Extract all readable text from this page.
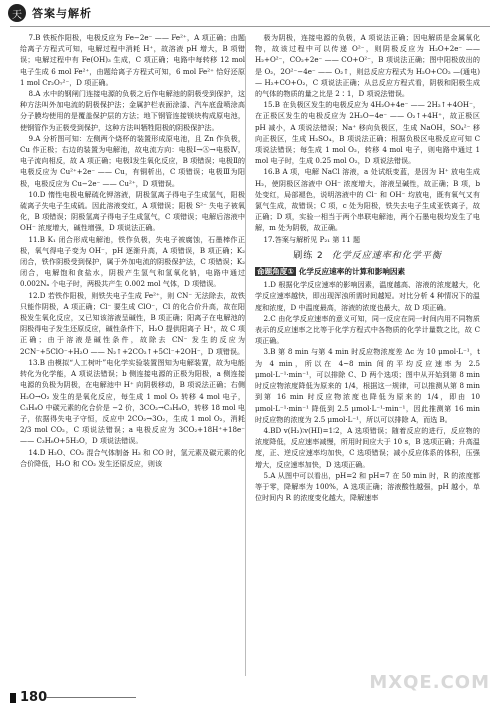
天 答案与解析

7.B 铁板作阳极，电极反应为 Fe−2e⁻ —— Fe²⁺，A 项正确；由题给离子方程式可知，电解过程中消耗 H⁺，故溶液 pH 增大，B 项错误；电解过程中有 Fe(OH)₃ 生成，C 项正确；电路中每转移 12 mol 电子生成 6 mol Fe²⁺，由题给离子方程式可知，6 mol Fe²⁺ 恰好还原 1 mol Cr₂O₇²⁻，D 项正确。

8.A 水中的钢闸门连接电源的负极之后作电解池的阴极受到保护，这种方法叫外加电流的阴极保护法；金属护栏表面涂漆、汽车底盘喷涂高分子膜均使用的是覆盖保护层的方法；地下钢管连接镁块构成原电池，使钢管作为正极受到保护，这种方法叫牺牲阳极的阴极保护法。

9.A 分析图可知：左侧两个烧杯的装置形成原电池，且 Zn 作负极，Cu 作正极；右边的装置为电解池，故电流方向：电极Ⅰ→Ⓐ→电极Ⅳ，电子流向相反，故 A 项正确；电极Ⅰ发生氧化反应，B 项错误；电极Ⅱ的电极反应为 Cu²⁺+2e⁻ —— Cu，有铜析出，C 项错误；电极Ⅲ为阳极，电极反应为 Cu−2e⁻ —— Cu²⁺，D 项错误。

10.D 惰性电极电解硫化钾溶液，阴极氢离子得电子生成氢气，阳极硫离子失电子生成硫。因此溶液变红，A 项错误；阳极 S²⁻ 失电子被氧化，B 项错误；阴极氢离子得电子生成氢气，C 项错误；电解后溶液中 OH⁻ 浓度增大，碱性增强，D 项说法正确。

11.B K₁ 闭合形成电解池，铁作负极，失电子被腐蚀，石墨棒作正极，氧气得电子变为 OH⁻，pH 逐渐升高，A 项错误，B 项正确；K₂ 闭合，铁作阴极受到保护，属于外加电流的阴极保护法，C 项错误；K₂ 闭合，电解饱和食盐水，阴极产生氢气和氢氧化钠，电路中通过 0.002Nₐ 个电子时，两极共产生 0.002 mol 气体，D 项错误。

12.D 若铁作阳极，则铁失电子生成 Fe²⁺，则 CN⁻ 无法除去，故铁只能作阴极，A 项正确；Cl⁻ 要生成 ClO⁻，Cl 的化合价升高，故在阳极发生氧化反应，又已知该溶液呈碱性，B 项正确；阳离子在电解池的阴极得电子发生还原反应，碱性条件下，H₂O 提供阳离子 H⁺，故 C 项正确；由于溶液是碱性条件，故除去 CN⁻ 发生的反应为 2CN⁻+5ClO⁻+H₂O —— N₂↑+2CO₂↑+5Cl⁻+2OH⁻，D 项错误。

13.B 由模拟“人工树叶”电化学实验装置图知为电解装置，故为电能转化为化学能，A 项说法错误；b 侧连接电源的正极为阳极，a 侧连接电源的负极为阴极，在电解池中 H⁺ 向阴极移动，B 项说法正确；右侧 H₂O→O₂ 发生的是氧化反应，每生成 1 mol O₂ 转移 4 mol 电子，C₃H₈O 中碳元素的化合价是 −2 价，3CO₂→C₃H₈O，转移 18 mol 电子，依据得失电子守恒，反应中 2CO₂→3O₂，生成 1 mol O₂，消耗 2/3 mol CO₂，C 项说法错误；a 电极反应为 3CO₂+18H⁺+18e⁻ —— C₃H₈O+5H₂O，D 项说法错误。

14.D H₂O、CO₂ 混合气体制备 H₂ 和 CO 时，氢元素及碳元素的化合价降低，H₂O 和 CO₂ 发生还原反应，则该

极为阴极，连接电源的负极，A 项说法正确；因电解质是金属氧化物，故该过程中可以传递 O²⁻，则阴极反应为 H₂O+2e⁻ —— H₂+O²⁻，CO₂+2e⁻ —— CO+O²⁻，B 项说法正确；图中阳极放出的是 O₂，2O²⁻−4e⁻ —— O₂↑，则总反应方程式为 H₂O+CO₂ —(通电)— H₂+CO+O₂，C 项说法正确；从总反应方程式看，阴极和阳极生成的气体的物质的量之比是 2∶1，D 项说法错误。

15.B 在负极区发生的电极反应为 4H₂O+4e⁻ —— 2H₂↑+4OH⁻，在正极区发生的电极反应为 2H₂O−4e⁻ —— O₂↑+4H⁺，故正极区 pH 减小，A 项说法错误；Na⁺ 移向负极区，生成 NaOH，SO₄²⁻ 移向正极区，生成 H₂SO₄，B 项说法正确；根据负极区电极反应可知 C 项说法错误；每生成 1 mol O₂，转移 4 mol 电子，则电路中通过 1 mol 电子时，生成 0.25 mol O₂，D 项说法错误。

16.B A 项，电解 NaCl 溶液，a 处试纸变蓝，是因为 H⁺ 放电生成 H₂，使阴极区溶液中 OH⁻ 浓度增大，溶液呈碱性，故正确；B 项，b 处变红，局部褪色，说明溶液中的 Cl⁻ 和 OH⁻ 均放电，既有氧气又有氯气生成，故错误；C 项，c 处为阳极，铁失去电子生成亚铁离子，故正确；D 项，实验一相当于两个串联电解池，两个石墨电极均发生了电解，m 处为阴极，故正确。

17.答案与解析见 P₂₁ 第 11 题

刷练 2 化学反应速率和化学平衡
命题角度① 化学反应速率的计算和影响因素

1.D 根据化学反应速率的影响因素，温度越高、溶液的浓度越大，化学反应速率越快，即出现浑浊所需时间越短。对比分析 4 种情况下的温度和浓度，D 中温度最高，溶液的浓度也最大，故 D 项正确。

2.C 由化学反应速率的意义可知，同一反应在同一时间内用不同物质表示的反应速率之比等于化学方程式中各物质的化学计量数之比，故 C 项正确。

3.B 第 8 min 与第 4 min 时反应物浓度差 Δc 为 10 μmol·L⁻¹，t 为 4 min，所以在 4~8 min 间的平均反应速率为 2.5 μmol·L⁻¹·min⁻¹，可以排除 C、D 两个选项；图中从开始到第 8 min 时反应物浓度降低为原来的 1/4，根据这一规律，可以推测从第 8 min 到第 16 min 时反应物浓度也降低为原来的 1/4，即由 10 μmol·L⁻¹·min⁻¹ 降低到 2.5 μmol·L⁻¹·min⁻¹，因此推测第 16 min 时反应物的浓度为 2.5 μmol·L⁻¹，所以可以排除 A，而选 B。

4.BD v(H₂)∶v(HI)=1∶2，A 选项错误；随着反应的进行，反应物的浓度降低，反应速率减慢，所用时间应大于 10 s，B 选项正确；升高温度，正、逆反应速率均加快，C 选项错误；减小反应体系的体积，压强增大，反应速率加快，D 选项正确。

5.A 从图中可以看出，pH=2 和 pH=7 在 50 min 时，R 的浓度都等于零，降解率为 100%，A 选项正确；溶液酸性越强，pH 越小，单位时间内 R 的浓度变化越大，降解速率

180
MXQE.COM
